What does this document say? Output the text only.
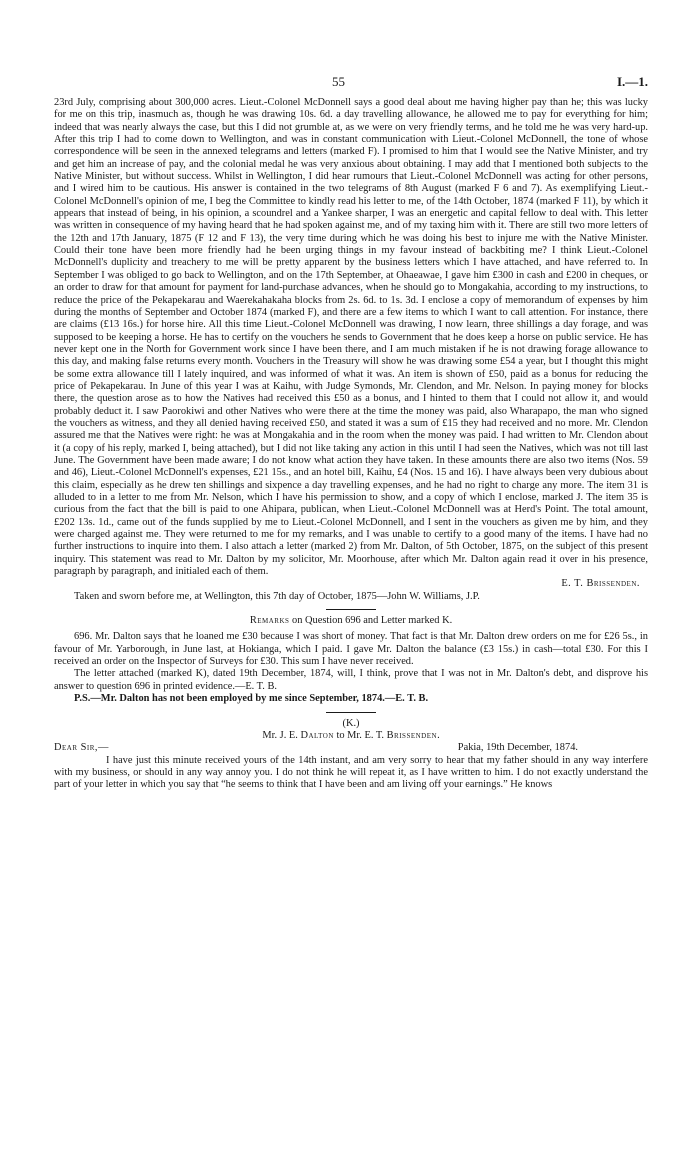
55	I.—1.

23rd July, comprising about 300,000 acres. Lieut.-Colonel McDonnell says a good deal about me having higher pay than he; this was lucky for me on this trip, inasmuch as, though he was drawing 10s. 6d. a day travelling allowance, he allowed me to pay for everything for him; indeed that was nearly always the case, but this I did not grumble at, as we were on very friendly terms, and he told me he was very hard-up. After this trip I had to come down to Wellington, and was in constant communication with Lieut.-Colonel McDonnell, the tone of whose correspondence will be seen in the annexed telegrams and letters (marked F). I promised to him that I would see the Native Minister, and try and get him an increase of pay, and the colonial medal he was very anxious about obtaining. I may add that I mentioned both subjects to the Native Minister, but without success. Whilst in Wellington, I did hear rumours that Lieut.-Colonel McDonnell was acting for other persons, and I wired him to be cautious. His answer is contained in the two telegrams of 8th August (marked F 6 and 7). As exemplifying Lieut.-Colonel McDonnell's opinion of me, I beg the Committee to kindly read his letter to me, of the 14th October, 1874 (marked F 11), by which it appears that instead of being, in his opinion, a scoundrel and a Yankee sharper, I was an energetic and capital fellow to deal with. This letter was written in consequence of my having heard that he had spoken against me, and of my taxing him with it. There are still two more letters of the 12th and 17th January, 1875 (F 12 and F 13), the very time during which he was doing his best to injure me with the Native Minister. Could their tone have been more friendly had he been urging things in my favour instead of backbiting me? I think Lieut.-Colonel McDonnell's duplicity and treachery to me will be pretty apparent by the business letters which I have attached, and have referred to. In September I was obliged to go back to Wellington, and on the 17th September, at Ohaeawae, I gave him £300 in cash and £200 in cheques, or an order to draw for that amount for payment for land-purchase advances, when he should go to Mongakahia, according to my instructions, to reduce the price of the Pekapekarau and Waerekahakaha blocks from 2s. 6d. to 1s. 3d. I enclose a copy of memorandum of expenses by him during the months of September and October 1874 (marked F), and there are a few items to which I want to call attention. For instance, there are claims (£13 16s.) for horse hire. All this time Lieut.-Colonel McDonnell was drawing, I now learn, three shillings a day forage, and was supposed to be keeping a horse. He has to certify on the vouchers he sends to Government that he does keep a horse on public service. He has never kept one in the North for Government work since I have been there, and I am much mistaken if he is not drawing forage allowance to this day, and making false returns every month. Vouchers in the Treasury will show he was drawing some £54 a year, but I thought this might be some extra allowance till I lately inquired, and was informed of what it was. An item is shown of £50, paid as a bonus for reducing the price of Pekapekarau. In June of this year I was at Kaihu, with Judge Symonds, Mr. Clendon, and Mr. Nelson. In paying money for blocks there, the question arose as to how the Natives had received this £50 as a bonus, and I hinted to them that I could not allow it, and would probably deduct it. I saw Paorokiwi and other Natives who were there at the time the money was paid, also Wharapapo, the man who signed the vouchers as witness, and they all denied having received £50, and stated it was a sum of £15 they had received and no more. Mr. Clendon assured me that the Natives were right: he was at Mongakahia and in the room when the money was paid. I had written to Mr. Clendon about it (a copy of his reply, marked I, being attached), but I did not like taking any action in this until I had seen the Natives, which was not till last June. The Government have been made aware; I do not know what action they have taken. In these amounts there are also two items (Nos. 59 and 46), Lieut.-Colonel McDonnell's expenses, £21 15s., and an hotel bill, Kaihu, £4 (Nos. 15 and 16). I have always been very dubious about this claim, especially as he drew ten shillings and sixpence a day travelling expenses, and he had no right to charge any more. The item 31 is alluded to in a letter to me from Mr. Nelson, which I have his permission to show, and a copy of which I enclose, marked J. The item 35 is curious from the fact that the bill is paid to one Ahipara, publican, when Lieut.-Colonel McDonnell was at Herd's Point. The total amount, £202 13s. 1d., came out of the funds supplied by me to Lieut.-Colonel McDonnell, and I sent in the vouchers as given me by him, and they were charged against me. They were returned to me for my remarks, and I was unable to certify to a good many of the items. I have had no further instructions to inquire into them. I also attach a letter (marked 2) from Mr. Dalton, of 5th October, 1875, on the subject of this present inquiry. This statement was read to Mr. Dalton by my solicitor, Mr. Moorhouse, after which Mr. Dalton again read it over in his presence, paragraph by paragraph, and initialed each of them.

E. T. Brissenden.

Taken and sworn before me, at Wellington, this 7th day of October, 1875—John W. Williams, J.P.

Remarks on Question 696 and Letter marked K.

696. Mr. Dalton says that he loaned me £30 because I was short of money. That fact is that Mr. Dalton drew orders on me for £26 5s., in favour of Mr. Yarborough, in June last, at Hokianga, which I paid. I gave Mr. Dalton the balance (£3 15s.) in cash—total £30. For this I received an order on the Inspector of Surveys for £30. This sum I have never received.

The letter attached (marked K), dated 19th December, 1874, will, I think, prove that I was not in Mr. Dalton's debt, and disprove his answer to question 696 in printed evidence.—E. T. B.

P.S.—Mr. Dalton has not been employed by me since September, 1874.—E. T. B.

(K.)

Mr. J. E. Dalton to Mr. E. T. Brissenden.

Dear Sir,—	Pakia, 19th December, 1874.

I have just this minute received yours of the 14th instant, and am very sorry to hear that my father should in any way interfere with my business, or should in any way annoy you. I do not think he will repeat it, as I have written to him. I do not exactly understand the part of your letter in which you say that “he seems to think that I have been and am living off your earnings.” He knows
